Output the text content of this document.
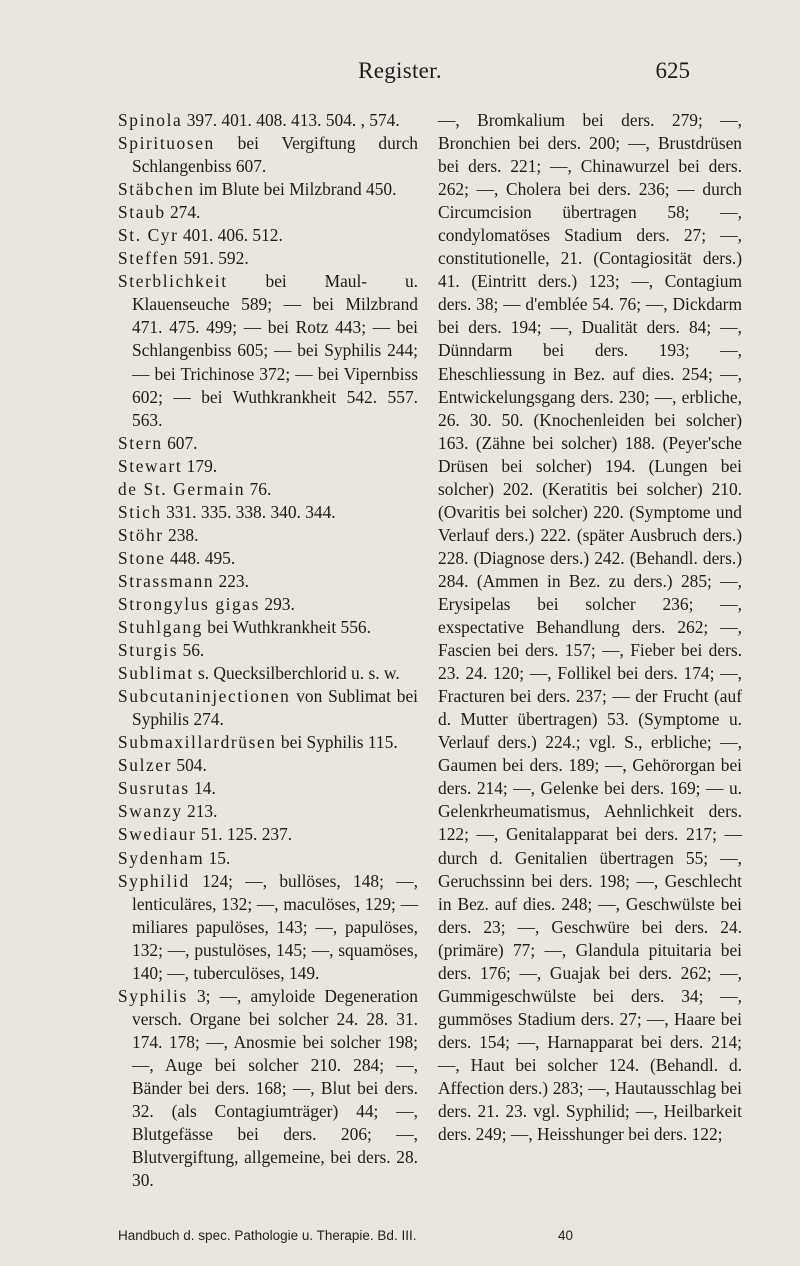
Register.	625

Spinola 397. 401. 408. 413. 504. , 574.

Spirituosen bei Vergiftung durch Schlangenbiss 607.

Stäbchen im Blute bei Milzbrand 450.

Staub 274.

St. Cyr 401. 406. 512.

Steffen 591. 592.

Sterblichkeit bei Maul- u. Klauenseuche 589; — bei Milzbrand 471. 475. 499; — bei Rotz 443; — bei Schlangenbiss 605; — bei Syphilis 244; — bei Trichinose 372; — bei Vipernbiss 602; — bei Wuthkrankheit 542. 557. 563.

Stern 607.

Stewart 179.

de St. Germain 76.

Stich 331. 335. 338. 340. 344.

Stöhr 238.

Stone 448. 495.

Strassmann 223.

Strongylus gigas 293.

Stuhlgang bei Wuthkrankheit 556.

Sturgis 56.

Sublimat s. Quecksilberchlorid u. s. w.

Subcutaninjectionen von Sublimat bei Syphilis 274.

Submaxillardrüsen bei Syphilis 115.

Sulzer 504.

Susrutas 14.

Swanzy 213.

Swediaur 51. 125. 237.

Sydenham 15.

Syphilid 124; —, bullöses, 148; —, lenticuläres, 132; —, maculöses, 129; — miliares papulöses, 143; —, papulöses, 132; —, pustulöses, 145; —, squamöses, 140; —, tuberculöses, 149.

Syphilis 3; —, amyloide Degeneration versch. Organe bei solcher 24. 28. 31. 174. 178; —, Anosmie bei solcher 198; —, Auge bei solcher 210. 284; —, Bänder bei ders. 168; —, Blut bei ders. 32. (als Contagiumträger) 44; —, Blutgefässe bei ders. 206; —, Blutvergiftung, allgemeine, bei ders. 28. 30.

—, Bromkalium bei ders. 279; —, Bronchien bei ders. 200; —, Brustdrüsen bei ders. 221; —, Chinawurzel bei ders. 262; —, Cholera bei ders. 236; — durch Circumcision übertragen 58; —, condylomatöses Stadium ders. 27; —, constitutionelle, 21. (Contagiosität ders.) 41. (Eintritt ders.) 123; —, Contagium ders. 38; — d'emblée 54. 76; —, Dickdarm bei ders. 194; —, Dualität ders. 84; —, Dünndarm bei ders. 193; —, Eheschliessung in Bez. auf dies. 254; —, Entwickelungsgang ders. 230; —, erbliche, 26. 30. 50. (Knochenleiden bei solcher) 163. (Zähne bei solcher) 188. (Peyer'sche Drüsen bei solcher) 194. (Lungen bei solcher) 202. (Keratitis bei solcher) 210. (Ovaritis bei solcher) 220. (Symptome und Verlauf ders.) 222. (später Ausbruch ders.) 228. (Diagnose ders.) 242. (Behandl. ders.) 284. (Ammen in Bez. zu ders.) 285; —, Erysipelas bei solcher 236; —, exspectative Behandlung ders. 262; —, Fascien bei ders. 157; —, Fieber bei ders. 23. 24. 120; —, Follikel bei ders. 174; —, Fracturen bei ders. 237; — der Frucht (auf d. Mutter übertragen) 53. (Symptome u. Verlauf ders.) 224.; vgl. S., erbliche; —, Gaumen bei ders. 189; —, Gehörorgan bei ders. 214; —, Gelenke bei ders. 169; — u. Gelenkrheumatismus, Aehnlichkeit ders. 122; —, Genitalapparat bei ders. 217; — durch d. Genitalien übertragen 55; —, Geruchssinn bei ders. 198; —, Geschlecht in Bez. auf dies. 248; —, Geschwülste bei ders. 23; —, Geschwüre bei ders. 24. (primäre) 77; —, Glandula pituitaria bei ders. 176; —, Guajak bei ders. 262; —, Gummigeschwülste bei ders. 34; —, gummöses Stadium ders. 27; —, Haare bei ders. 154; —, Harnapparat bei ders. 214; —, Haut bei solcher 124. (Behandl. d. Affection ders.) 283; —, Hautausschlag bei ders. 21. 23. vgl. Syphilid; —, Heilbarkeit ders. 249; —, Heisshunger bei ders. 122;

Handbuch d. spec. Pathologie u. Therapie. Bd. III.	40
